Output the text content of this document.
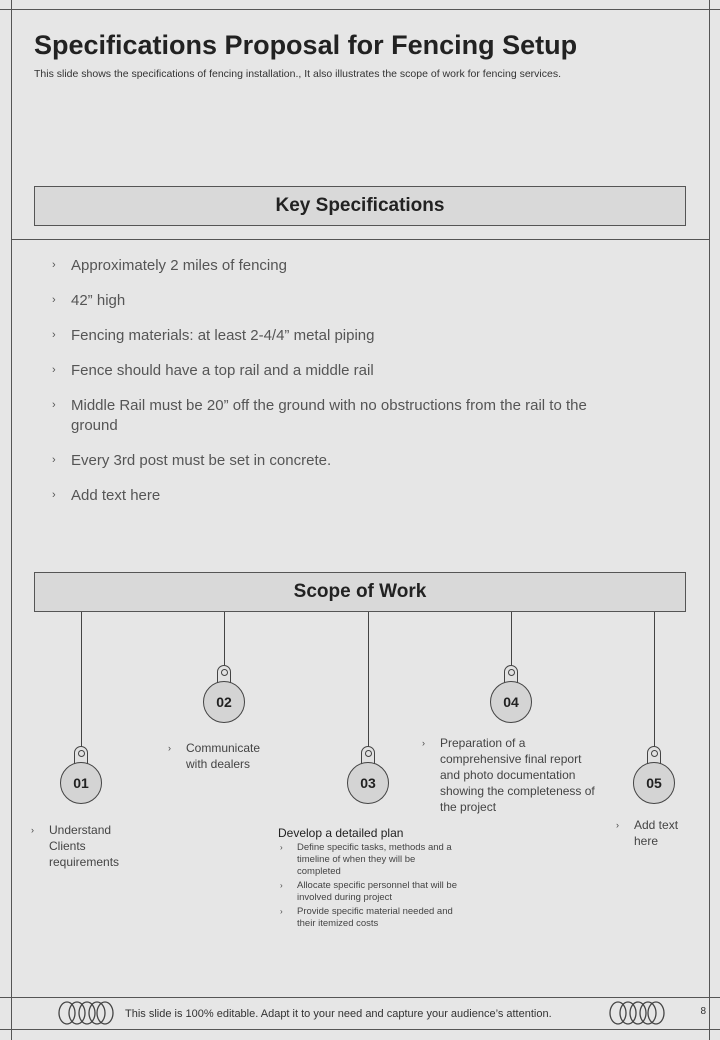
Specifications Proposal for Fencing Setup
This slide shows the specifications of fencing installation., It also illustrates the scope of work for fencing services.
Key Specifications
› Approximately 2 miles of fencing
› 42” high
› Fencing materials: at least 2-4/4” metal piping
› Fence should have a top rail and a middle rail
› Middle Rail must be 20” off the ground with no obstructions from the rail to the ground
› Every 3rd post must be set in concrete.
› Add text here
Scope of Work
01
02
03
04
05
› Understand Clients requirements
› Communicate with dealers
› Preparation of a comprehensive final report and photo documentation showing the completeness of the project
› Add text here
Develop a detailed plan
› Define specific tasks, methods and a timeline of when they will be completed
› Allocate specific personnel that will be involved during project
› Provide specific material needed and their itemized costs
This slide is 100% editable. Adapt it to your need and capture your audience’s attention.	8
